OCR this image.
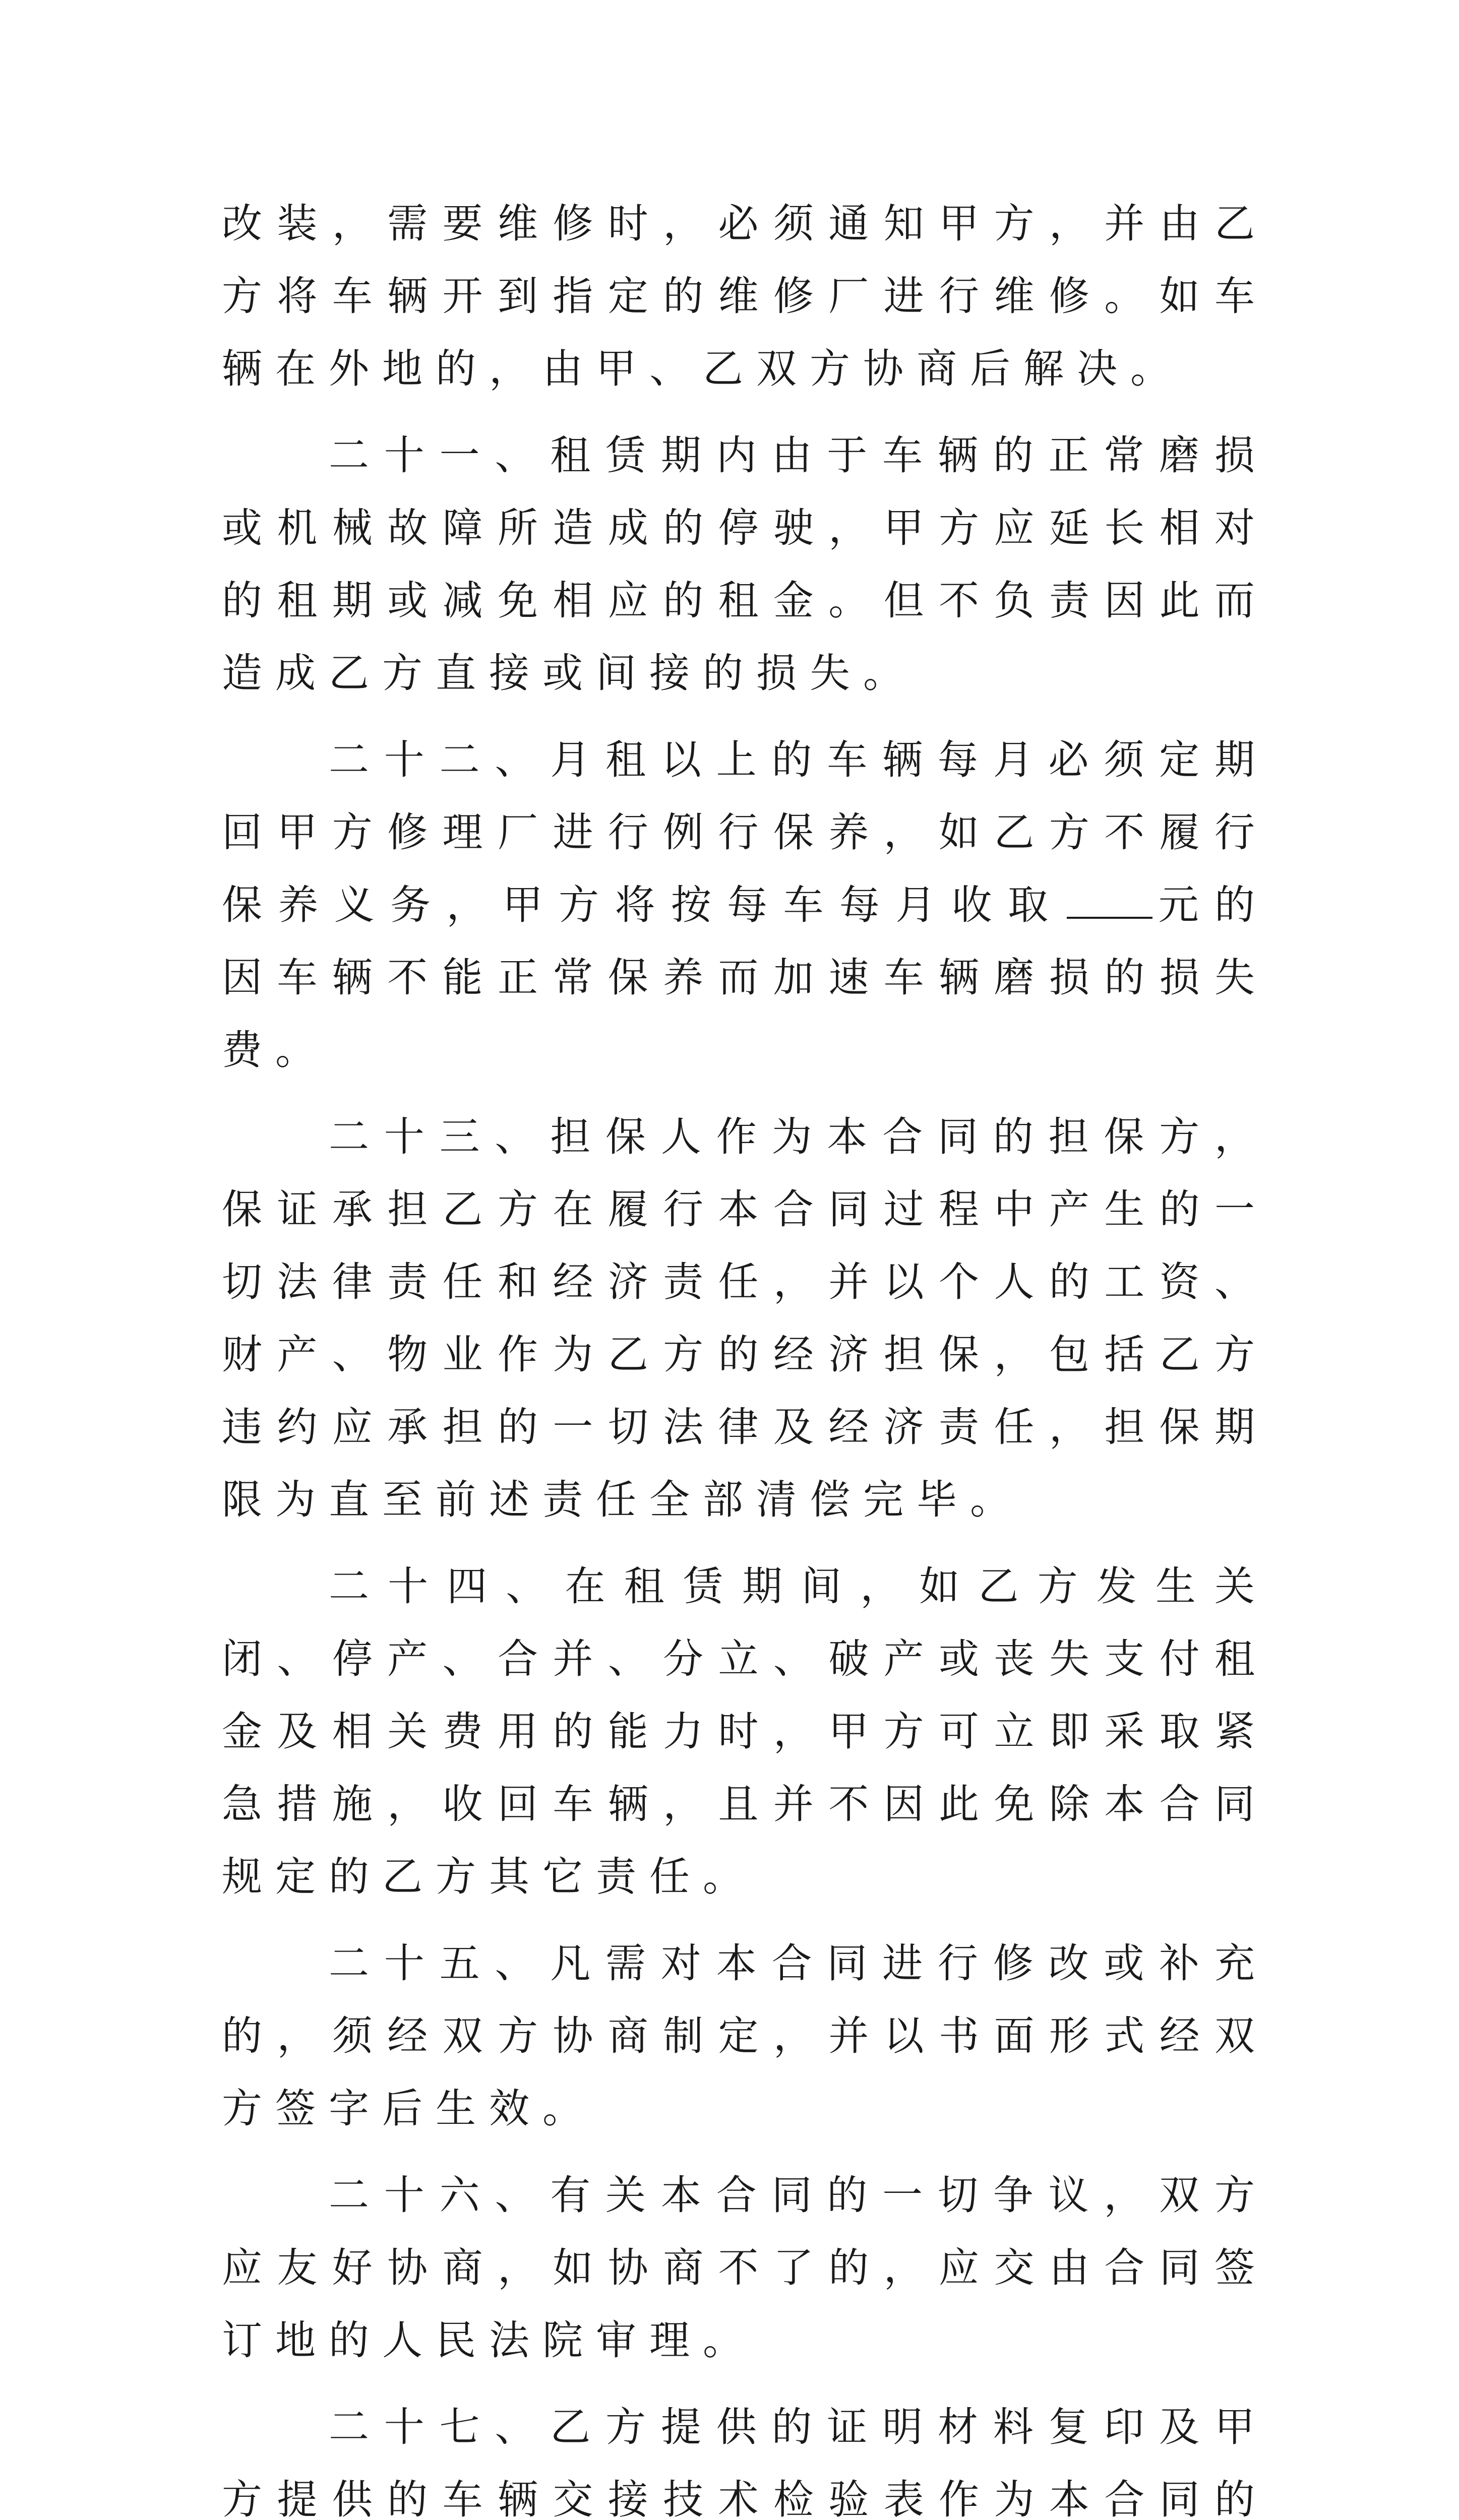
改装，需要维修时，必须通知甲方，并由乙方将车辆开到指定的维修厂进行维修。如车辆在外地的，由甲、乙双方协商后解决。

二十一、租赁期内由于车辆的正常磨损或机械故障所造成的停驶，甲方应延长相对的租期或减免相应的租金。但不负责因此而造成乙方直接或间接的损失。

二十二、月租以上的车辆每月必须定期回甲方修理厂进行例行保养，如乙方不履行保养义务，甲方将按每车每月收取 元的因车辆不能正常保养而加速车辆磨损的损失费。

二十三、担保人作为本合同的担保方，保证承担乙方在履行本合同过程中产生的一切法律责任和经济责任，并以个人的工资、财产、物业作为乙方的经济担保，包括乙方违约应承担的一切法律及经济责任，担保期限为直至前述责任全部清偿完毕。

二十四、在租赁期间，如乙方发生关闭、停产、合并、分立、破产或丧失支付租金及相关费用的能力时，甲方可立即采取紧急措施，收回车辆，且并不因此免除本合同规定的乙方其它责任。

二十五、凡需对本合同进行修改或补充的，须经双方协商制定，并以书面形式经双方签字后生效。

二十六、有关本合同的一切争议，双方应友好协商，如协商不了的，应交由合同签订地的人民法院审理。

二十七、乙方提供的证明材料复印及甲方提供的车辆交接技术检验表作为本合同的
